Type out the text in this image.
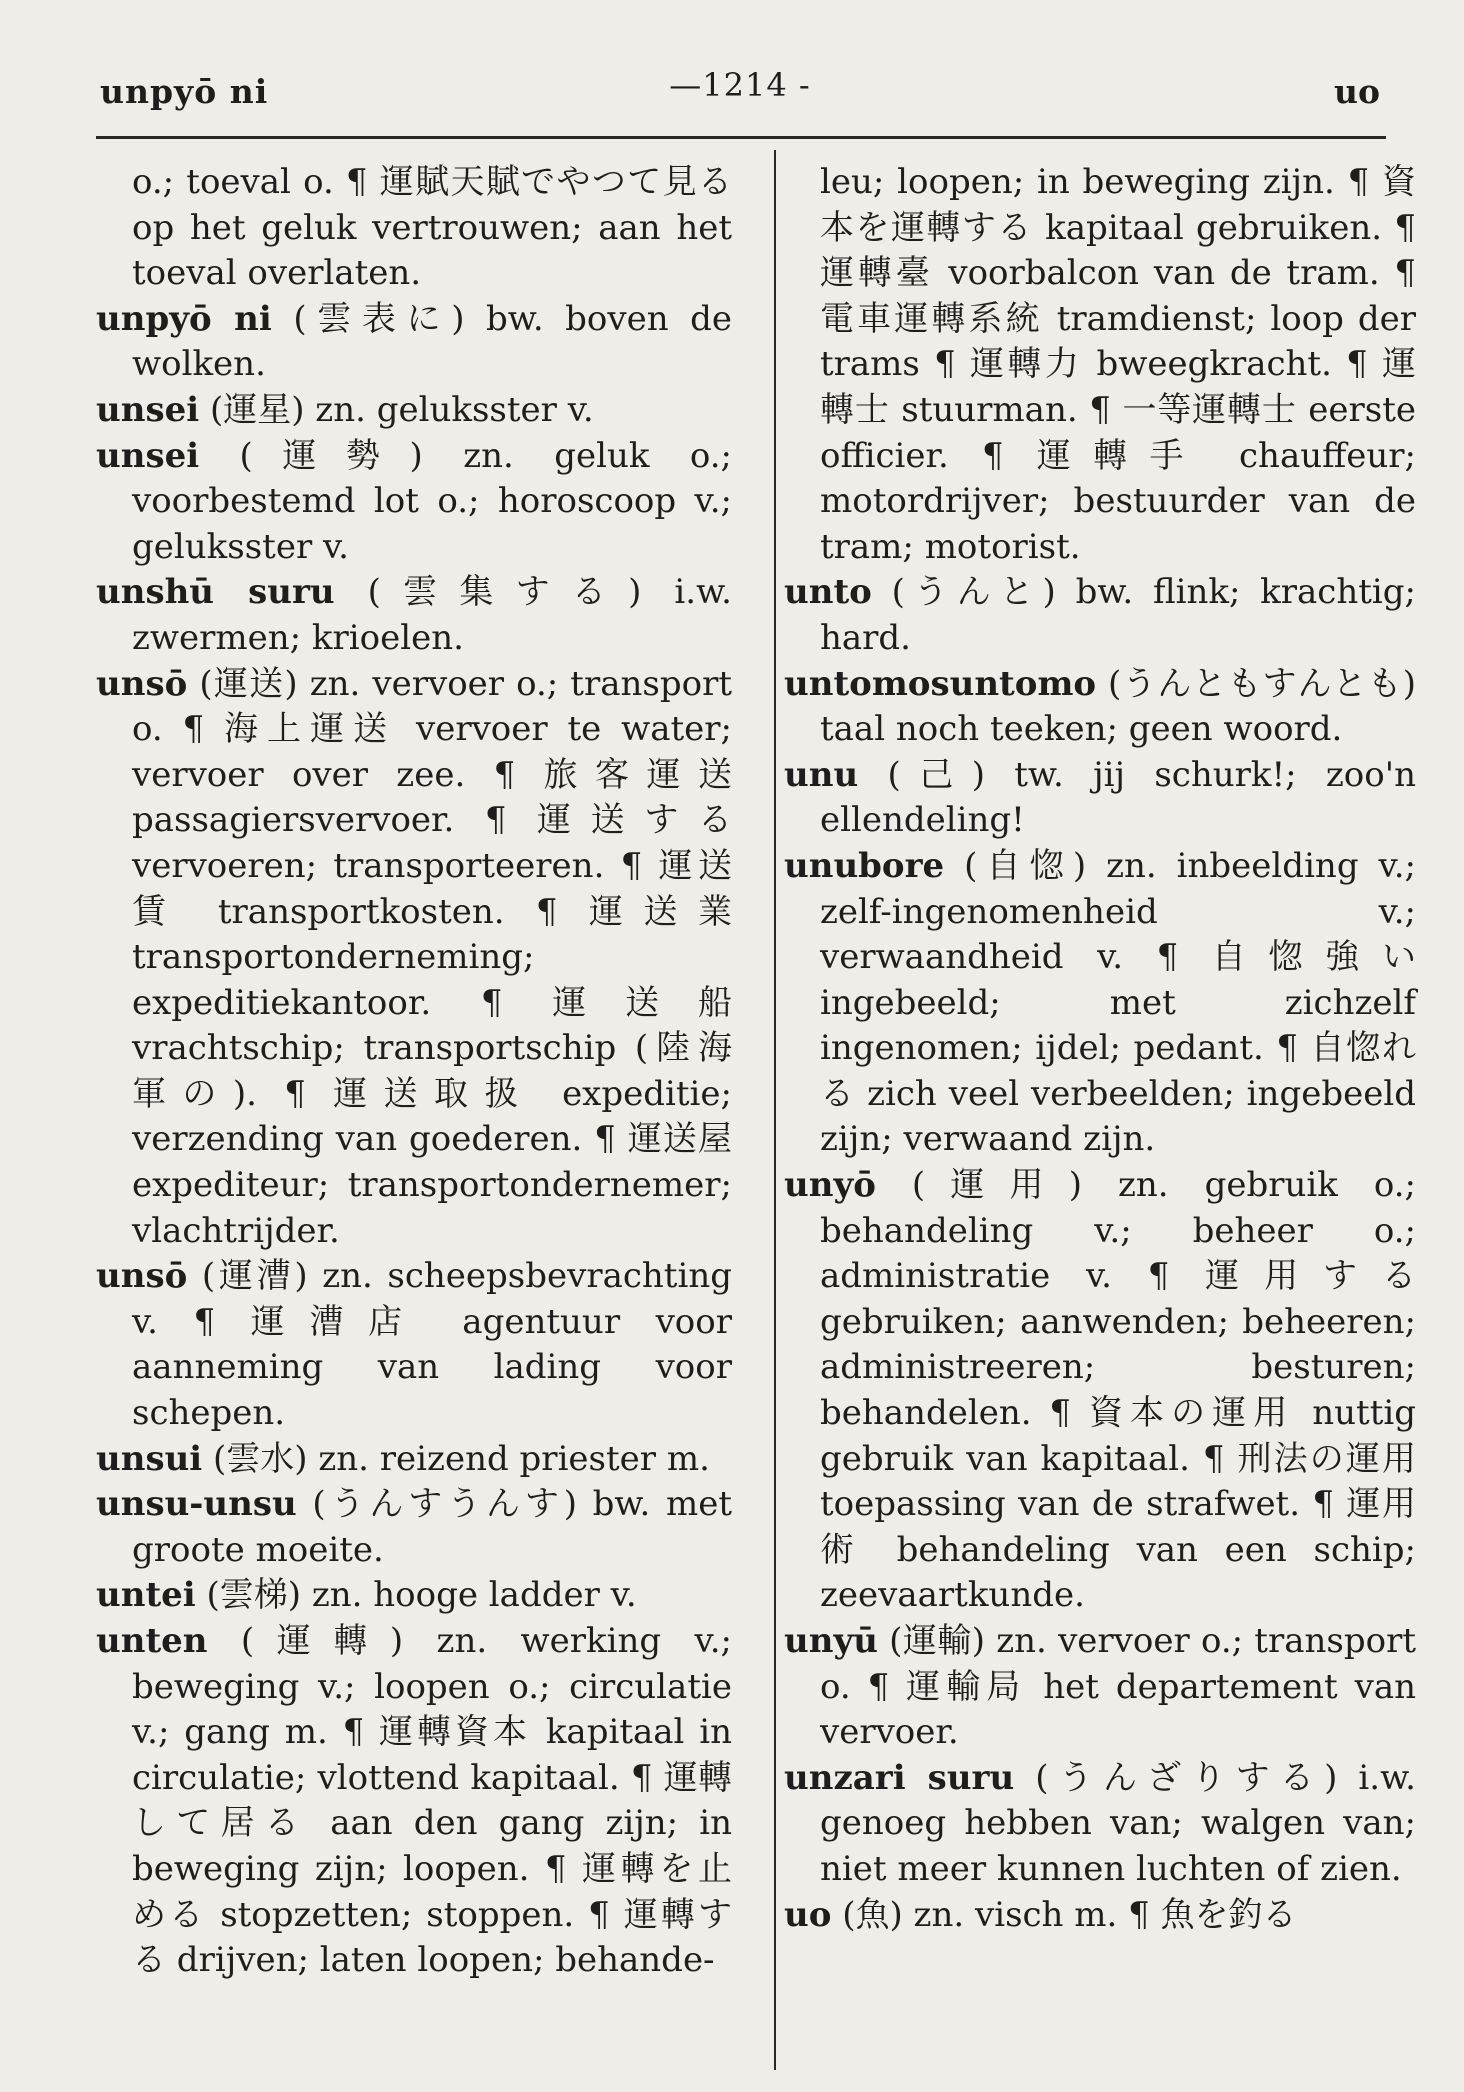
unpyō ni	—1214 -	uo

o.; toeval o. ¶ 運賦天賦でやつて見る op het geluk vertrouwen; aan het toeval overlaten.

unpyō ni (雲表に) bw. boven de wolken.

unsei (運星) zn. geluksster v.

unsei (運勢) zn. geluk o.; voorbestemd lot o.; horoscoop v.; geluksster v.

unshū suru (雲集する) i.w. zwermen; krioelen.

unsō (運送) zn. vervoer o.; transport o. ¶ 海上運送 vervoer te water; vervoer over zee. ¶ 旅客運送 passagiersvervoer. ¶ 運送する vervoeren; transporteeren. ¶ 運送賃 transportkosten. ¶ 運送業 transportonderneming; expeditiekantoor. ¶ 運送船 vrachtschip; transportschip (陸海軍の). ¶ 運送取扱 expeditie; verzending van goederen. ¶ 運送屋 expediteur; transportondernemer; vlachtrijder.

unsō (運漕) zn. scheepsbevrachting v. ¶ 運漕店 agentuur voor aanneming van lading voor schepen.

unsui (雲水) zn. reizend priester m.

unsu-unsu (うんすうんす) bw. met groote moeite.

untei (雲梯) zn. hooge ladder v.

unten (運轉) zn. werking v.; beweging v.; loopen o.; circulatie v.; gang m. ¶ 運轉資本 kapitaal in circulatie; vlottend kapitaal. ¶ 運轉して居る aan den gang zijn; in beweging zijn; loopen. ¶ 運轉を止める stopzetten; stoppen. ¶ 運轉する drijven; laten loopen; behande-

leu; loopen; in beweging zijn. ¶ 資本を運轉する kapitaal gebruiken. ¶ 運轉臺 voorbalcon van de tram. ¶ 電車運轉系統 tramdienst; loop der trams ¶ 運轉力 bweegkracht. ¶ 運轉士 stuurman. ¶ 一等運轉士 eerste officier. ¶ 運轉手 chauffeur; motordrijver; bestuurder van de tram; motorist.

unto (うんと) bw. flink; krachtig; hard.

untomosuntomo (うんともすんとも) taal noch teeken; geen woord.

unu (己) tw. jij schurk!; zoo'n ellendeling!

unubore (自惚) zn. inbeelding v.; zelf-ingenomenheid v.; verwaandheid v. ¶ 自惚強い ingebeeld; met zichzelf ingenomen; ijdel; pedant. ¶ 自惚れる zich veel verbeelden; ingebeeld zijn; verwaand zijn.

unyō (運用) zn. gebruik o.; behandeling v.; beheer o.; administratie v. ¶ 運用する gebruiken; aanwenden; beheeren; administreeren; besturen; behandelen. ¶ 資本の運用 nuttig gebruik van kapitaal. ¶ 刑法の運用 toepassing van de strafwet. ¶ 運用術 behandeling van een schip; zeevaartkunde.

unyū (運輸) zn. vervoer o.; transport o. ¶ 運輸局 het departement van vervoer.

unzari suru (うんざりする) i.w. genoeg hebben van; walgen van; niet meer kunnen luchten of zien.

uo (魚) zn. visch m. ¶ 魚を釣る
